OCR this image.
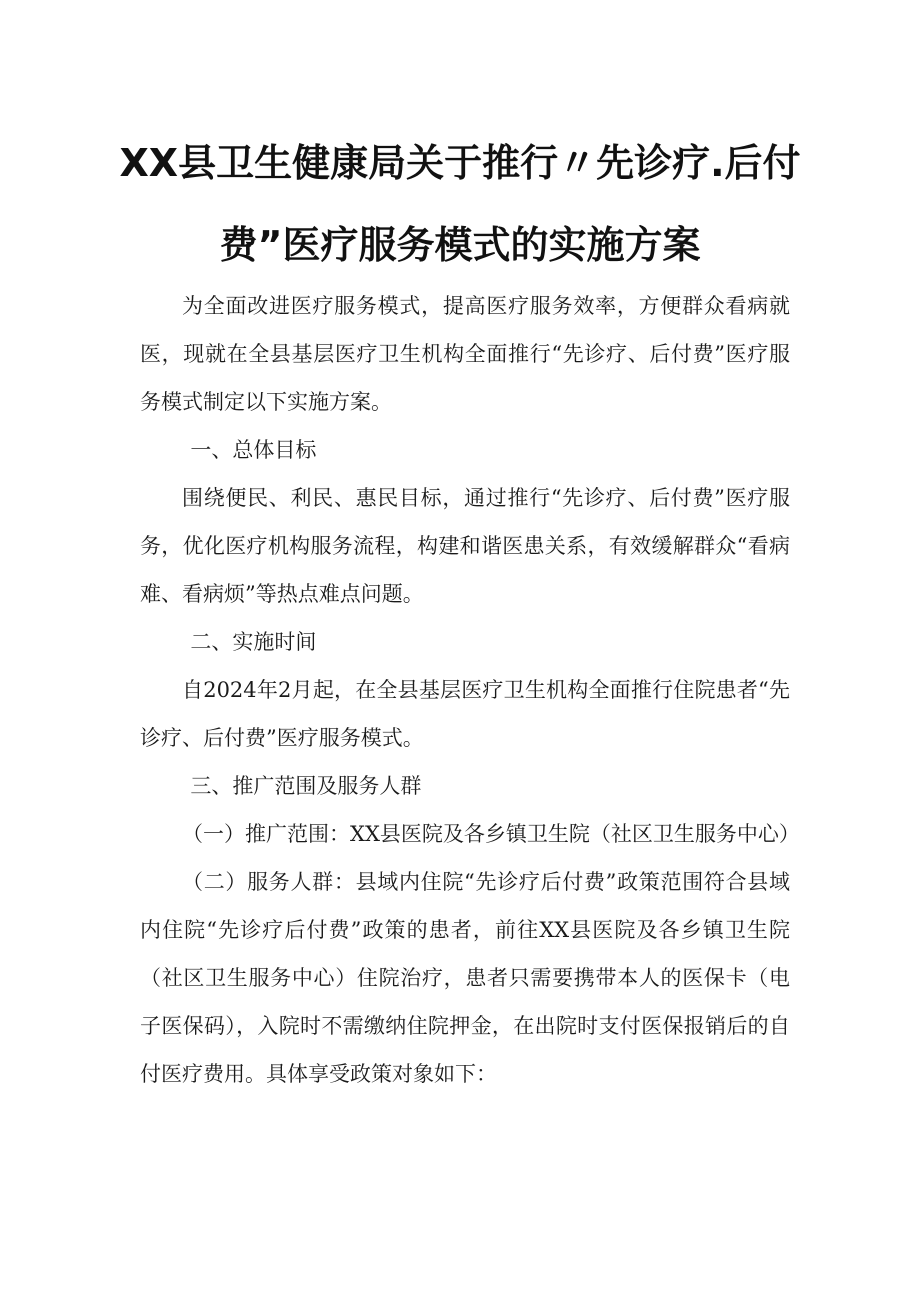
XX县卫生健康局关于推行〃先诊疗.后付
费”医疗服务模式的实施方案

为全面改进医疗服务模式，提高医疗服务效率，方便群众看病就医，现就在全县基层医疗卫生机构全面推行“先诊疗、后付费”医疗服务模式制定以下实施方案。

一、总体目标

围绕便民、利民、惠民目标，通过推行“先诊疗、后付费”医疗服务，优化医疗机构服务流程，构建和谐医患关系，有效缓解群众“看病难、看病烦”等热点难点问题。

二、实施时间

自2024年2月起，在全县基层医疗卫生机构全面推行住院患者“先诊疗、后付费”医疗服务模式。

三、推广范围及服务人群

（一）推广范围：XX县医院及各乡镇卫生院（社区卫生服务中心）

（二）服务人群：县域内住院“先诊疗后付费”政策范围符合县域内住院“先诊疗后付费”政策的患者，前往XX县医院及各乡镇卫生院（社区卫生服务中心）住院治疗，患者只需要携带本人的医保卡（电子医保码），入院时不需缴纳住院押金，在出院时支付医保报销后的自付医疗费用。具体享受政策对象如下：
